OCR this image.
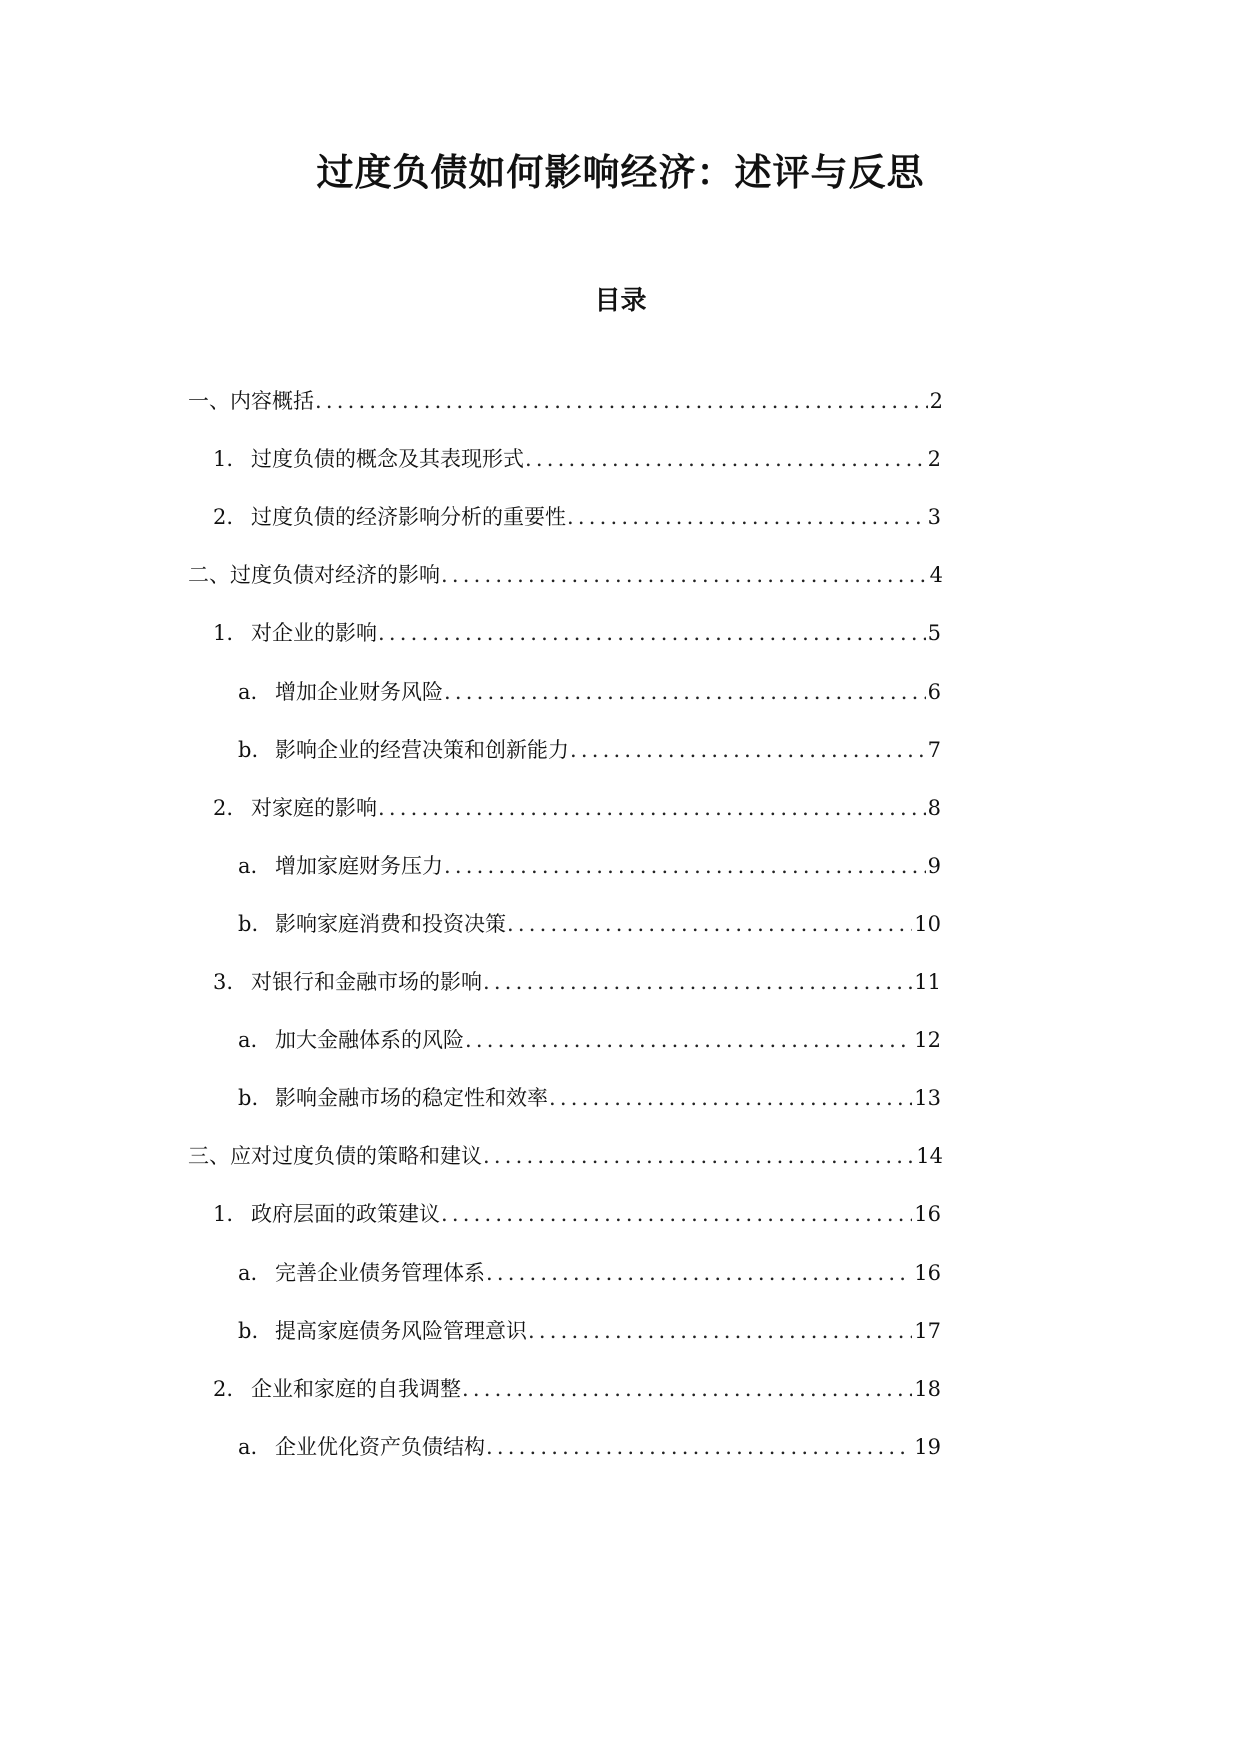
过度负债如何影响经济：述评与反思
目录
一、内容概括 .....	2
1. 过度负债的概念及其表现形式 .....	2
2. 过度负债的经济影响分析的重要性 .....	3
二、过度负债对经济的影响 .....	4
1. 对企业的影响 .....	5
a. 增加企业财务风险 .....	6
b. 影响企业的经营决策和创新能力 .....	7
2. 对家庭的影响 .....	8
a. 增加家庭财务压力 .....	9
b. 影响家庭消费和投资决策 .....	10
3. 对银行和金融市场的影响 .....	11
a. 加大金融体系的风险 .....	12
b. 影响金融市场的稳定性和效率 .....	13
三、应对过度负债的策略和建议 .....	14
1. 政府层面的政策建议 .....	16
a. 完善企业债务管理体系 .....	16
b. 提高家庭债务风险管理意识 .....	17
2. 企业和家庭的自我调整 .....	18
a. 企业优化资产负债结构 .....	19
